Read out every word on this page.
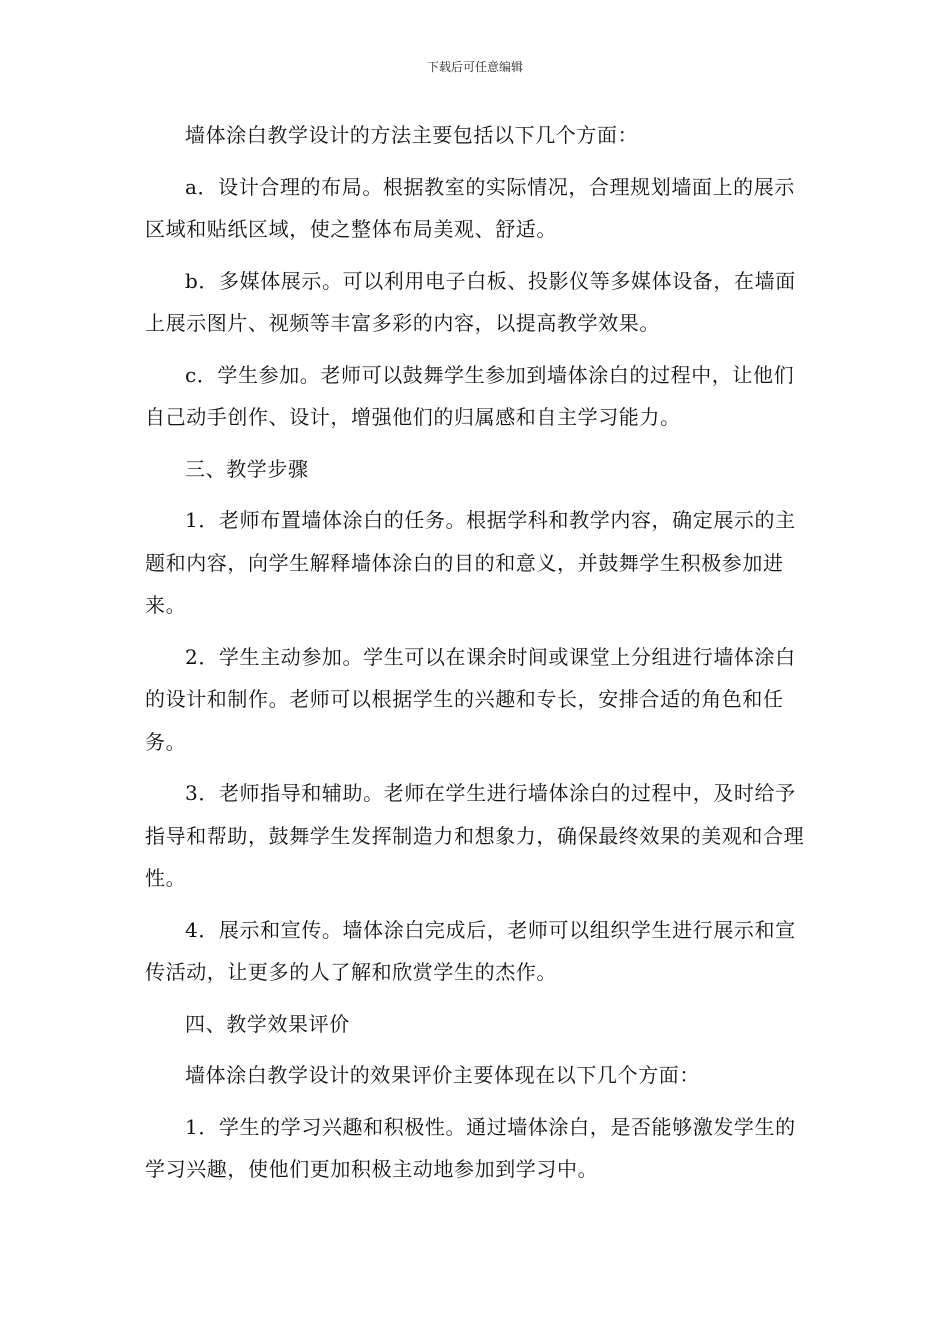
下载后可任意编辑

墙体涂白教学设计的方法主要包括以下几个方面：

a．设计合理的布局。根据教室的实际情况，合理规划墙面上的展示区域和贴纸区域，使之整体布局美观、舒适。

b．多媒体展示。可以利用电子白板、投影仪等多媒体设备，在墙面上展示图片、视频等丰富多彩的内容，以提高教学效果。

c．学生参加。老师可以鼓舞学生参加到墙体涂白的过程中，让他们自己动手创作、设计，增强他们的归属感和自主学习能力。

三、教学步骤

1．老师布置墙体涂白的任务。根据学科和教学内容，确定展示的主题和内容，向学生解释墙体涂白的目的和意义，并鼓舞学生积极参加进来。

2．学生主动参加。学生可以在课余时间或课堂上分组进行墙体涂白的设计和制作。老师可以根据学生的兴趣和专长，安排合适的角色和任务。

3．老师指导和辅助。老师在学生进行墙体涂白的过程中，及时给予指导和帮助，鼓舞学生发挥制造力和想象力，确保最终效果的美观和合理性。

4．展示和宣传。墙体涂白完成后，老师可以组织学生进行展示和宣传活动，让更多的人了解和欣赏学生的杰作。

四、教学效果评价

墙体涂白教学设计的效果评价主要体现在以下几个方面：

1．学生的学习兴趣和积极性。通过墙体涂白，是否能够激发学生的学习兴趣，使他们更加积极主动地参加到学习中。
